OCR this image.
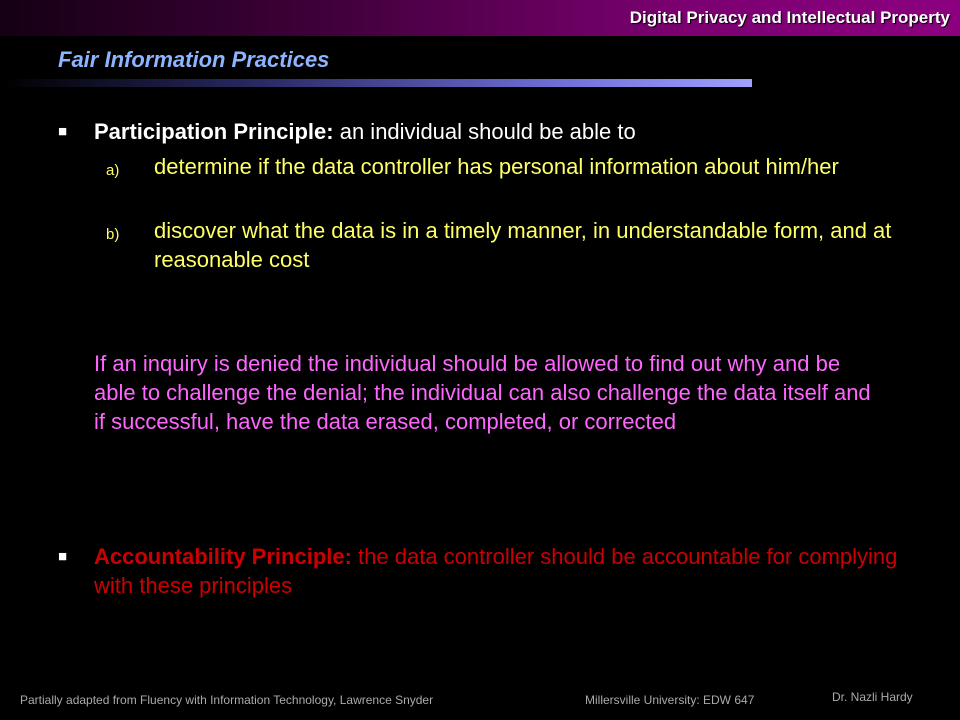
Digital Privacy and Intellectual Property
Fair Information Practices
■	Participation Principle: an individual should be able to
a)	determine if the data controller has personal information about him/her
b)	discover what the data is in a timely manner, in understandable form, and at reasonable cost
If an inquiry is denied the individual should be allowed to find out why and be able to challenge the denial; the individual can also challenge the data itself and if successful, have the data erased, completed, or corrected
■	Accountability Principle: the data controller should be accountable for complying with these principles
Partially adapted from Fluency with Information Technology, Lawrence Snyder	Millersville University: EDW 647	Dr. Nazli Hardy
